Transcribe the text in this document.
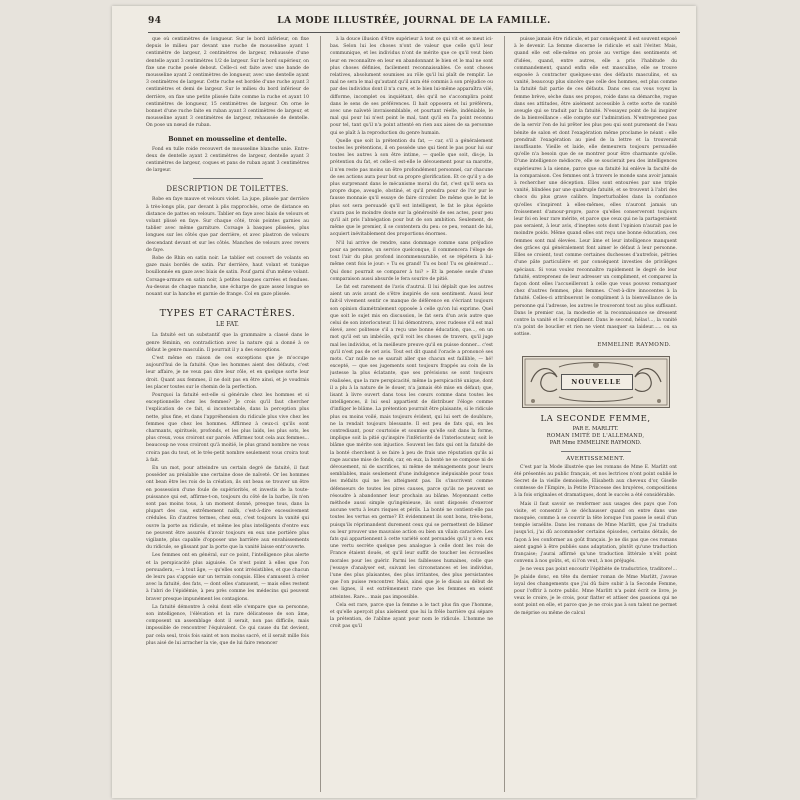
94	LA MODE ILLUSTRÉE, JOURNAL DE LA FAMILLE.

que où centimètres de longueur. Sur le bord inférieur, on fixe depuis le milieu par devant une ruche de mousseline ayant 1 centimètre de largeur, 2 centimètres de largeur, rehaussée d'une dentelle ayant 3 centimètres 1/2 de largeur. Sur le bord supérieur, on fixe une ruche posée debout. Celle-ci est faite avec une bande de mousseline ayant 2 centimètres de longueur, avec une dentelle ayant 3 centimètres de largeur. Cette ruche est bordée d'une ruche ayant 3 centimètres et demi de largeur. Sur le milieu du bord inférieur de derrière, on fixe une petite plissée faite comme la ruche et ayant 10 centimètres de longueur, 15 centimètres de largeur. On orne le bonnet d'une ruche faite en ruban ayant 3 centimètres de largeur, et mousseline ayant 3 centimètres de largeur, rehaussée de dentelle. On pose un nœud de ruban.

Bonnet en mousseline et dentelle.

Fond en tulle roide recouvert de mousseline blanche unie. Entre-deux de dentelle ayant 2 centimètres de largeur, dentelle ayant 3 centimètres de largeur, coques et pans de ruban ayant 3 centimètres de largeur.

DESCRIPTION DE TOILETTES.

Robe en faye mauve et velours violet. La jupe, plissée par derrière à très-longs plis, par devant à plis rapprochés, orne de distance en distance de pattes en velours. Tablier en faye avec biais de velours et volant plissé en faye. Sur chaque côté, trois pointes garnies au tablier avec même garniture. Corsage à basques plissées, plus longues sur les côtés que par derrière, et avec plastron de velours descendant devant et sur les côtés. Manches de velours avec revers de faye.

Robe de Rhin en satin noir. Le tablier est couvert de volants en gaze mais bordés de satin. Par derrière, haut volant et tunique bouillonnée en gaze avec biais de satin. Pouf garni d'un même volant. Corsage-armure en satin noir, à petites basques carrées et fendues. Au-dessus de chaque manche, une écharpe de gaze assez longue se nouant sur la hanche et garnie de frange. Col en gaze plissée.

TYPES ET CARACTÈRES.
LE FAT.

La fatuité est un substantif que la grammaire a classé dans le genre féminin, en contradiction avec la nature qui a donné à ce défaut le genre masculin. Il pourrait il y a des exceptions.

C'est même en raison de ces exceptions que je m'occupe aujourd'hui de la fatuité. Que les hommes aient des défauts, c'est leur affaire, je ne veux pas dire leur rôle, et en quelque sorte leur droit. Quant aux femmes, il ne doit pas en être ainsi, et je voudrais les placer toutes sur le chemin de la perfection.

Pourquoi la fatuité est-elle si générale chez les hommes et si exceptionnelle chez les femmes? Je crois qu'il faut chercher l'explication de ce fait, si incontestable, dans la perception plus nette, plus fine, et dans l'appréhension du ridicule plus vive chez les femmes que chez les hommes. Affirmez à ceux-ci qu'ils sont charmants, spirituels, profonds, et les plus laids, les plus sots, les plus creux, vous croiront sur parole. Affirmez tout cela aux femmes... beaucoup ne vous croiront qu'à moitié, le plus grand nombre ne vous croira pas du tout, et le très-petit nombre seulement vous croira tout à fait.

En un mot, pour atteindre un certain degré de fatuité, il faut posséder au préalable une certaine dose de naïveté. Or les hommes ont bean être les rois de la création, ils ont beau se trouver un être en possession d'une foule de supériorités, et investis de la toute-puissance qui est, affirme-t-on, toujours du côté de la barbe, ils n'en sont pas moins tous, à un moment donné, presque tous, dans la plupart des cas, extrêmement naïfs, c'est-à-dire excessivement crédules. En d'autres termes, chez eux, c'est toujours la vanité qui ouvre la porte au ridicule, et même les plus intelligents d'entre eux ne peuvent être assurés d'avoir toujours en eux une portière plus vigilante, plus capable d'opposer une barrière aux envahissements du ridicule, se glissant par la porte que la vanité laisse entr'ouverte.

Les femmes ont en général, sur ce point, l'intelligence plus alerte et la perspicacité plus aiguisée. Ce n'est point à elles que l'on persuadera, — à tout âge, — qu'elles sont irrésistibles, et que chacun de leurs pas s'appuie sur un terrain conquis. Elles s'amusent à créer avec la fatuité, des fats, — dont elles s'amusent, — mais elles restent à l'abri de l'épidémie, à peu près comme les médecins qui peuvent braver presque impunément les contagions.

La fatuité démontre à celui dont elle s'empare que sa personne, son intelligence, l'élévation et la rare délicatesse de son âme, composent un assemblage dont il serait, non pas difficile, mais impossible de rencontrer l'équivalent. Ce qui cause du fat devient, par cela seul, trois fois saint et non moins sacré, et il serait mille fois plus aisé de lui arracher la vie, que de lui faire renoncer

à la douce illusion d'être supérieur à tout ce qui vit et se meut ici-bas. Selon lui les choses n'ont de valeur que celle qu'il leur communique, et les individus n'ont de mérite que ce qu'il veut bien leur en reconnaître en leur en abandonnant le bien et le mal ne sont plus choses définies, facilement reconnaissables. Ce sont choses relatives, absolument soumises au rôle qu'il lui plaît de remplir. Le mal ne sera le mal qu'autant qu'il aura été commis à son préjudice ou par des individus dont il n'a cure, et le bien lui-même apparaîtra vilé, difforme, incomplet ou inquiétant, dès qu'il ne s'accomplira point dans le sens de ses préférences. Il hait opposera et lui préférera, avec une naïveté invraisemblable, et pourtant réelle, indéniable, le mal qui pour lui n'est point le mal, tant qu'il en l'a point reconnu pour tel, tant qu'il n'a point attenté en rien aux aises de sa personne qui se plaît à la reproduction du genre humain.

Quelle que soit la prétention du fat, — car, s'il a généralement toutes les prétentions, il en possède une qui tient le pas pour lui sur toutes les autres à son être intime, — quelle que soit, dis-je, la prétention du fat, et celle-ci est-elle le dévouement pour sa marotte, il n'en reste pas moins un être profondément personnel, car chacune de ses actions aura pour but sa propre glorification. Et ce qu'il y a de plus surprenant dans le mécanisme moral du fat, c'est qu'il sera sa propre dupe, aveugle, obstiné, et qu'il prendra pour de l'or pur le fausse monnaie qu'il essaye de faire circuler. De même que le fat le plus sot sera persuadé qu'il est intelligent, le fat le plus égoïste s'aura pas le moindre doute sur la générosité de ses actes, pour peu qu'il ait pris l'abnégation pour but de son ambition. Seulement, de même que le premier, il se contentera du peu: ce peu, venant de lui, acquiert inévitablement des proportions énormes.

N'il lui arrive de rendre, sans dommage comme sans préjudice pour sa personne, un service quelconque, il commencera l'éloge de tout l'air du plus profond incommensurable, et se répétera à lui-même cent fois le jour: « Tu es grand! Tu es bon! Tu es généreux!... Qui donc pourrait se comparer à toi? » Et la pensée seule d'une comparaison aussi absurde le fera sourire de pitié.

Le fat est rarement de l'avis d'autrui. Il lui déplaît que les autres aient un avis avant de s'être inspirés de son sentiment. Aussi leur fait-il vivement sentir ce manque de déférence en s'écriant toujours son opinion diamétralement opposée à celle qu'on lui exprime. Quel que soit le sujet mis en discussion, le fat sera d'un avis autre que celui de son interlocuteur. Il lui démontrera, avec rudesse s'il est mal élevé, avec politesse s'il a reçu une bonne éducation, que..., en un mot qu'il est un imbécile, qu'il voit les choses de travers, qu'il juge mal les individus, et la meilleure preuve qu'il en puisse donner... c'est qu'il n'est pas de cet avis. Tout est dit quand l'oracle a prononcé ses mots. Car nulle ne se saurait aller que chacun est faillible, — hé! excepté, — que ses jugements sont toujours frappés au coin de la justesse la plus éclatante, que ses prévisions se sont toujours réalisées, que la rare perspicacité, même la perspicacité unique, dont il a plu à la nature de le douer, n'a jamais été mise en défaut; que, lisant à livre ouvert dans tous les cœurs comme dans toutes les intelligences, il lui seul appartient de distribuer l'éloge comme d'infliger le blâme. La prétention pourrait être plaisante, si le ridicule plus ou moins voilé, mais toujours évident, qui lui sert de doublure, ne la rendait toujours blessante. Il est peu de fats qui, en les contredisant, pour courtoisie et soumise qu'elle soit dans la forme, implique soit la pitié qu'inspire l'infériorité de l'interlocuteur, soit le blâme que mérite son injustice. Souvent les fats qui ont la fatuité de la bonté cherchent à se faire à peu de frais une réputation qu'ils ai rage aucune mise de fonds, car, en eux, la bonté ne se compose ni de dévouement, ni de sacrifices, ni même de ménagements pour leurs semblables, mais seulement d'une indulgence inépuisable pour tous les méfaits qui ne les atteignent pas. Ils s'inscrivent comme défenseurs de toutes les pires causes, parce qu'ils ne peuvent se résoudre à abandonner leur prochain au blâme. Moyennant cette méthode aussi simple qu'ingénieuse, ils sont disposés d'exercer aucune vertu à leurs risques et périls. La bonté ne contient-elle pas toutes les vertus en germe? Et évidemment ils sont bons, très-bons, puisqu'ils réprimandent durement ceux qui se permettent de blâmer ou leur prouver une mauvaise action ou bien un vilain caractère. Les fats qui appartiennent à cette variété sont persuadés qu'il y a en eux une vertu secrète quelque peu analogue à celle dont les rois de France étaient doués, et qu'il leur suffit de toucher les écrouelles morales pour les guérir. Parmi les faiblesses humaines, celle que j'essaye d'analyser est, suivant les circonstances et les individus, l'une des plus plaisantes, des plus irritantes, des plus persistantes que l'on puisse rencontrer. Mais, ainsi que je le disais au début de ces lignes, il est extrêmement rare que les femmes en soient atteintes. Rare... mais pas impossible.

Cela est rare, parce que la femme a le tact plus fin que l'homme, et qu'elle aperçoit plus aisément que lui la frêle barrière qui sépare la prétention, de l'abîme ayant pour nom le ridicule. L'homme ne croit pas qu'il

puisse jamais être ridicule, et par conséquent il est souvent exposé à le devenir. La femme discerne le ridicule et sait l'éviter. Mais, quand elle est elle-même en proie au vertige des sentiments et d'idées, quand, entre autres, elle a pris l'habitude du commandement, quand enfin elle est masculine, elle se trouve exposée à contracter quelques-uns des défauts masculins, et sa vanité, beaucoup plus sincère que celle des hommes, est plus comme la fatuité fait partie de ces défauts. Dans ces cas vous voyez la femme brève, sèche dans ses propos, roide dans sa démarche, rogue dans ses attitudes, être aisément accessible à cette sorte de vanité aveugle qui se traduit par la fatuité. N'essayez point de lui inspirer de la bienveillance : elle compte sur l'admiration. N'entreprenez pas de la servir l'en de lui prêter les plus peu qui sont purement de l'eau bénite de salon et dont l'exagération même proclame le néant : elle prendrait l'exagération au pied de la lettre et la trouverait insuffisante. Vieille et laide, elle demeurera toujours persuadée qu'elle n'a besoin que de se montrer pour être charmante qu'elle. D'une intelligence médiocre, elle se soucierait peu des intelligences supérieures à la sienne, parce que sa fatuité lui enlève la faculté de la comparaison. Ces femmes ont à travers le monde sans avoir jamais à rechercher une déception. Elles sont entourées par une triple vanité, blindées par une quadruple fatuité, et se trouvent à l'abri des chocs du plus grave calibre. Imperturbables dans la confiance qu'elles s'inspirent à elles-mêmes, elles n'auront jamais un froissement d'amour-propre, parce qu'elles conserveront toujours leur foi en leur rare mérite, et parce que ceux qui ne la partageraient pas seraient, à leur avis, d'ineptes sots dont l'opinion n'aurait pas le moindre poids. Même quand elles ont reçu une bonne éducation, ces femmes sont mal élevées. Leur âme et leur intelligence manquent des grâces qui généralement font aimer le défaut à leur personne. Elles se croient, tout comme certaines duchesses d'autrefois, pétries d'une pâte particulière et par conséquent investies de privilèges spéciaux. Si vous voulez reconnaître rapidement le degré de leur fatuité, entreprenez de leur adresser un compliment, et comparez la façon dont elles l'accueilleront à celle que vous pouvez remarquer chez d'autres femmes, plus femmes. C'est-à-dire innocentes à la fatuité. Celles-ci attribueront le compliment à la bienveillance de la personne qui l'adresse, les autres le trouveront tout au plus suffisant. Dans le premier cas, la modestie et la reconnaissance se dressent contre la vanité et le compliment. Dans le second, hélas!..., la vanité n'a point de bouclier et rien ne vient masquer sa laideur...... ou sa sottise.

EMMELINE RAYMOND.
NOUVELLE
LA SECONDE FEMME,
PAR E. MARLITT.
ROMAN IMITÉ DE L'ALLEMAND,
PAR Mme EMMELINE RAYMOND.
AVERTISSEMENT.

C'est par la Mode illustrée que les romans de Mme E. Marlitt ont été présentés au public français, et nos lectrices n'ont point oublié le Secret de la vieille demoiselle, Elisabeth aux cheveux d'or, Giselle comtesse de l'Empire, la Petite Princesse des bruyères, compositions à la fois originales et dramatiques, dont le succès a été considérable.

Mais il faut savoir se renfermer aux usages des pays que l'on visite, et consentir à se déchausser quand on entre dans une mosquée, comme à se couvrir la tête lorsque l'on passe le seuil d'un temple israélite. Dans les romans de Mme Marlitt, que j'ai traduits jusqu'ici, j'ai dû accommoder certains épisodes, certains détails, de façon à les conformer au goût français. Je ne dis pas que ces romans aient gagné à être publiés sans adaptation, plutôt qu'une traduction française; j'aurai affirmé qu'une traduction littérale n'eût point convenu à nos goûts, et, si l'on veut, à nos préjugés.

Je ne veux pas point encourir l'épithète de traductrice, traditore!... Je plaide donc, en tête du dernier roman de Mme Marlitt, j'avoue loyal des changements que j'ai dû faire subir à la Seconde Femme, pour l'offrir à notre public. Mme Marlitt n'a point écrit ce livre, je veux le croire, je le crois, pour flatter et attiser des passions qui ne sont point en elle, et parce que je ne crois pas à son talent ne permet de méprise ou même de calcul
